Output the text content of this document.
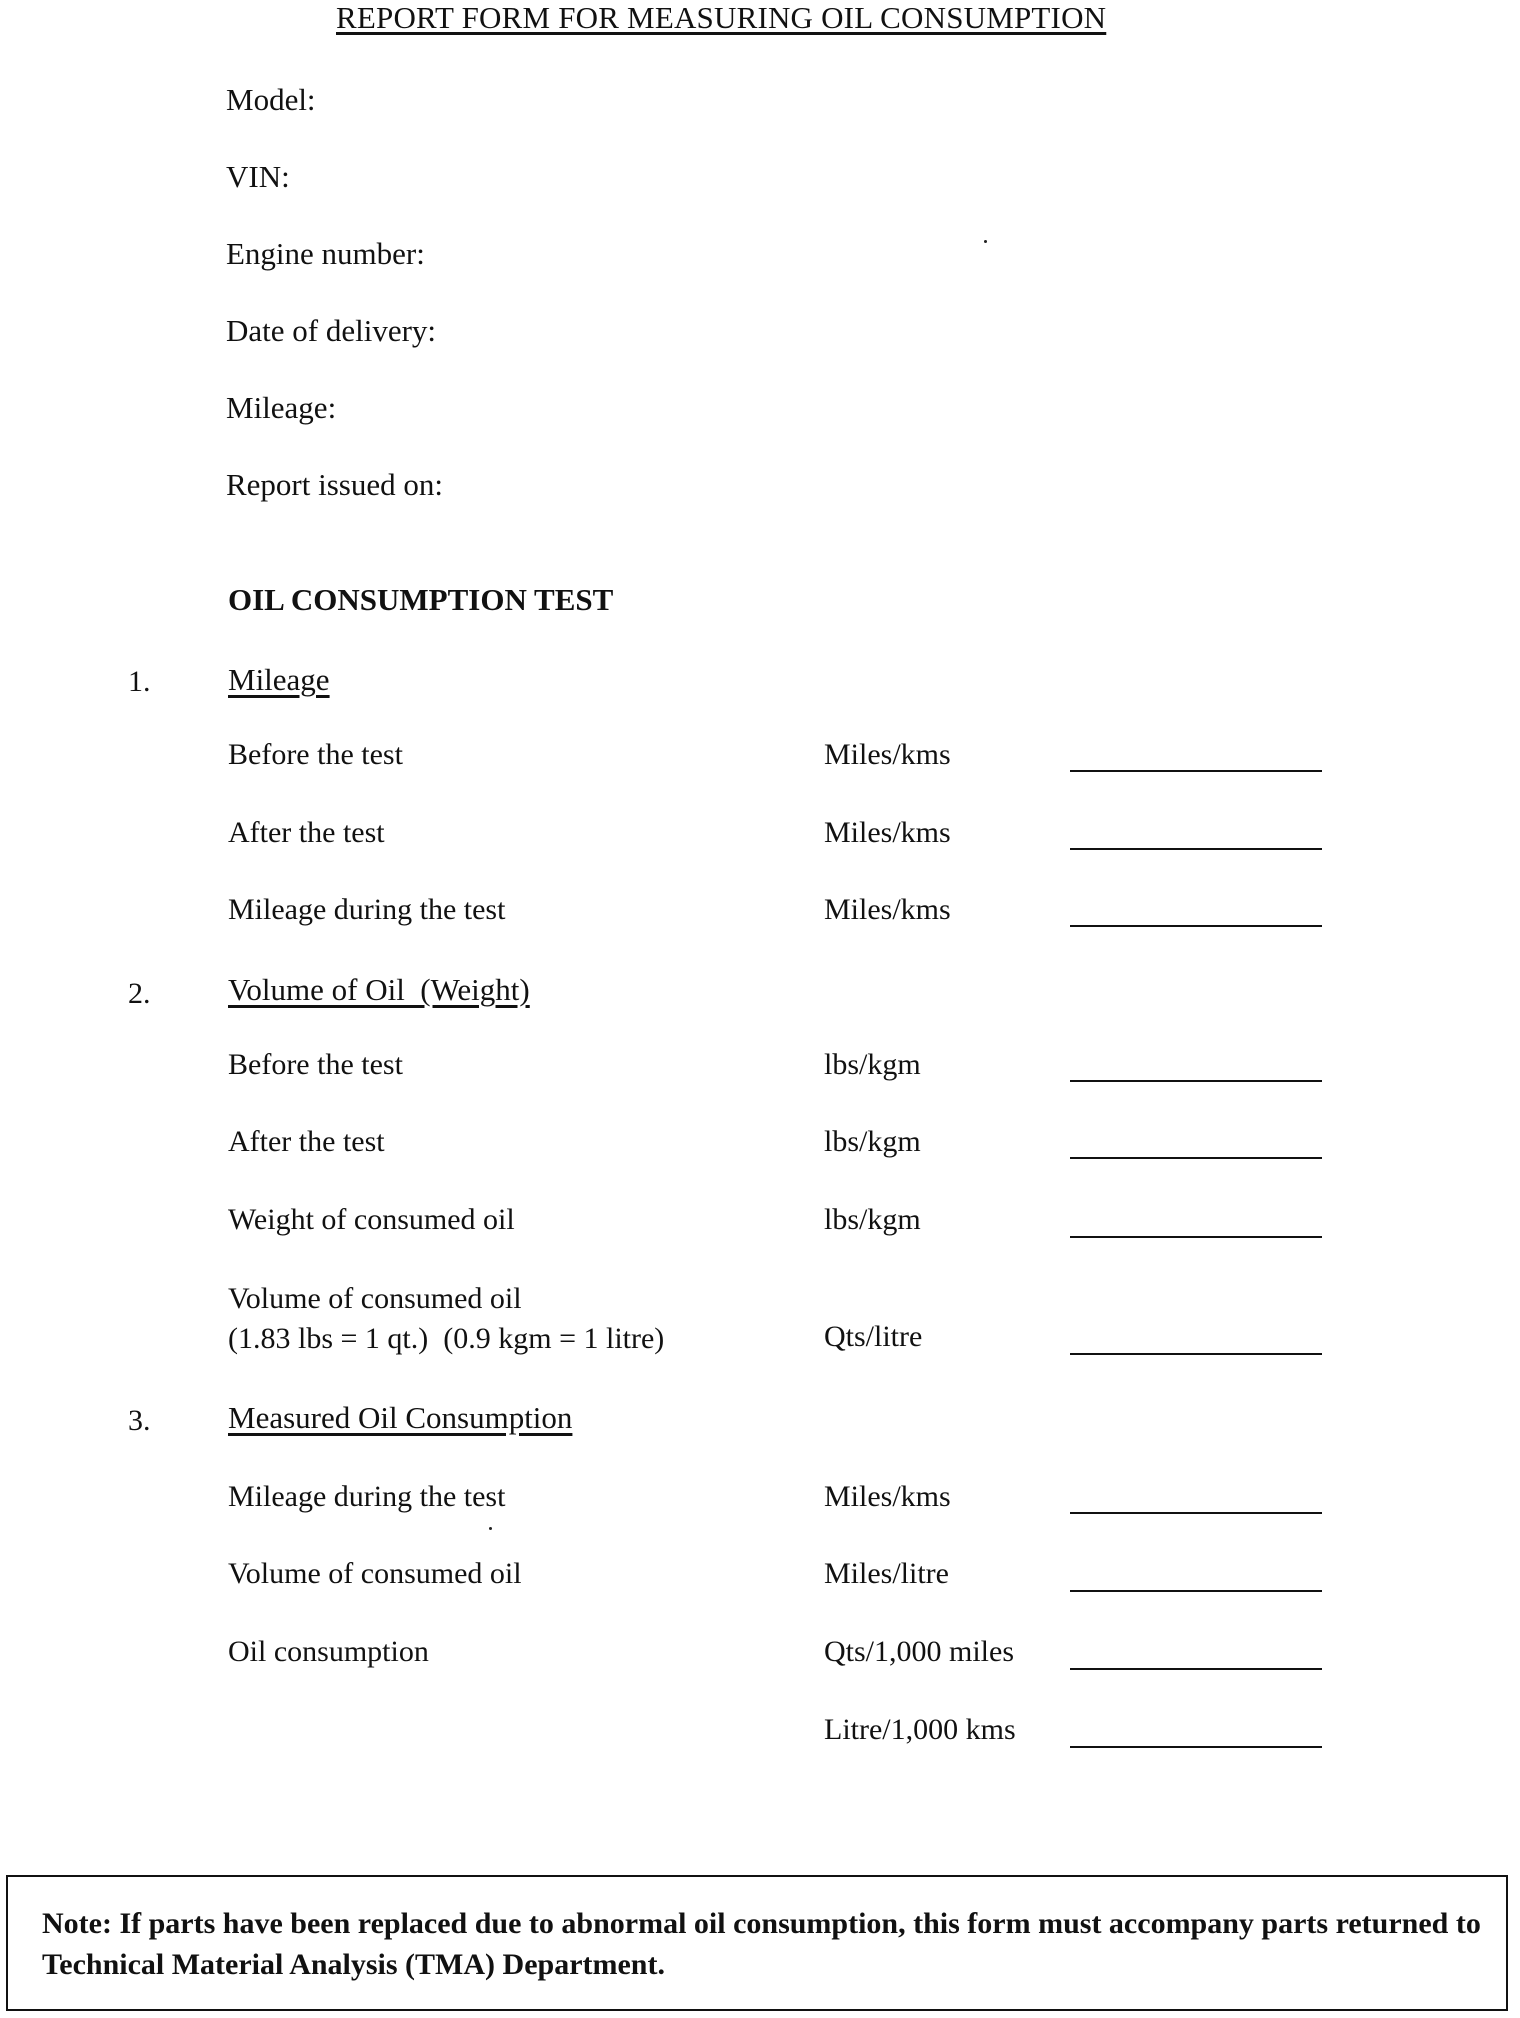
REPORT FORM FOR MEASURING OIL CONSUMPTION
Model:
VIN:
Engine number:
Date of delivery:
Mileage:
Report issued on:
OIL CONSUMPTION TEST
1.	Mileage
Before the test	Miles/kms
After the test	Miles/kms
Mileage during the test	Miles/kms
2.	Volume of Oil  (Weight)
Before the test	lbs/kgm
After the test	lbs/kgm
Weight of consumed oil	lbs/kgm
Volume of consumed oil
(1.83 lbs = 1 qt.)  (0.9 kgm = 1 litre)	Qts/litre
3.	Measured Oil Consumption
Mileage during the test	Miles/kms
Volume of consumed oil	Miles/litre
Oil consumption	Qts/1,000 miles
Litre/1,000 kms
Note: If parts have been replaced due to abnormal oil consumption, this form must accompany parts returned to Technical Material Analysis (TMA) Department.
